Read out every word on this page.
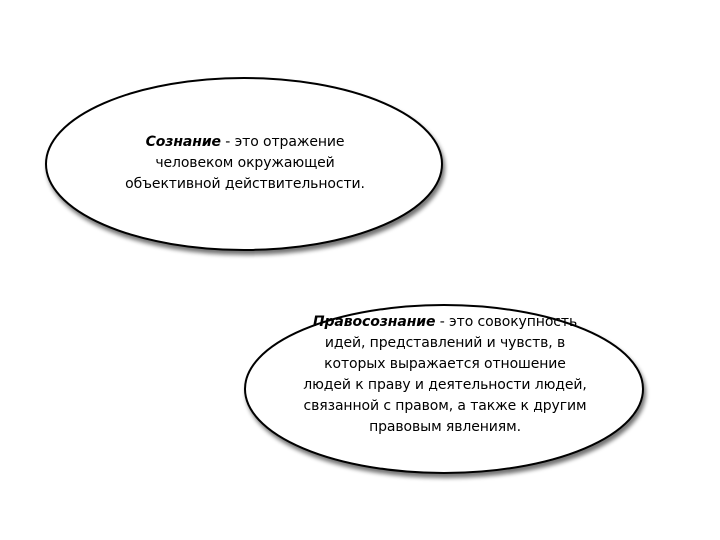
Сознание - это отражение человеком окружающей объективной действительности.
Правосознание - это совокупность идей, представлений и чувств, в которых выражается отношение людей к праву и деятельности людей, связанной с правом, а также к другим правовым явлениям.
